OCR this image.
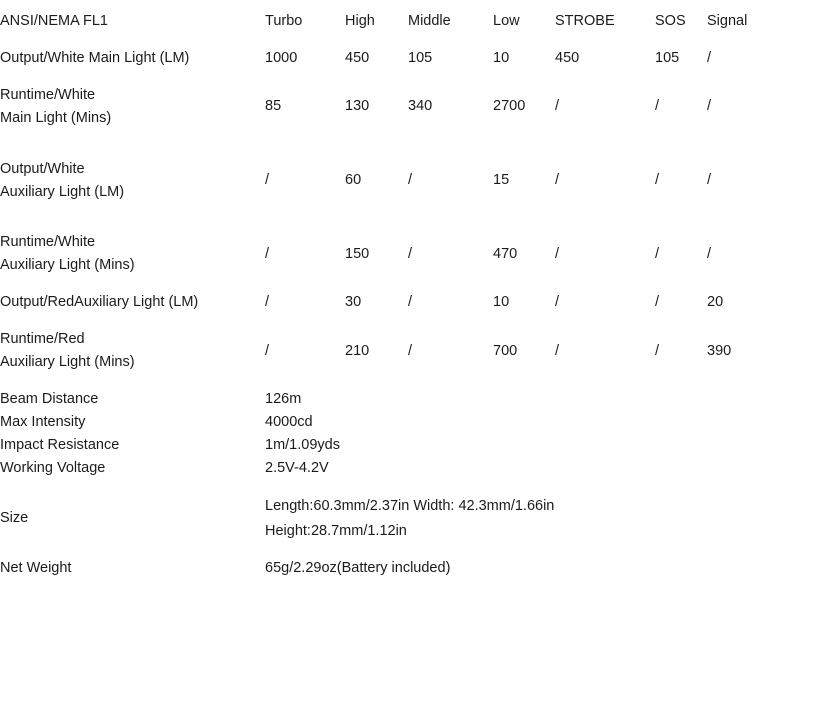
ANSI/NEMA FL1	Turbo	High	Middle	Low	STROBE	SOS	Signal

Output/White Main Light (LM)	1000	450	105	10	450	105	/

Runtime/White
Main Light (Mins)	85	130	340	2700	/	/	/

Output/White
Auxiliary Light (LM)	/	60	/	15	/	/	/

Runtime/White
Auxiliary Light (Mins)	/	150	/	470	/	/	/

Output/RedAuxiliary Light (LM)	/	30	/	10	/	/	20

Runtime/Red
Auxiliary Light (Mins)	/	210	/	700	/	/	390
Beam Distance	126m						
Max Intensity	4000cd						
Impact Resistance	1m/1.09yds						
Working Voltage	2.5V-4.2V						
Size	Length:60.3mm/2.37in Width: 42.3mm/1.66in
Height:28.7mm/1.12in						

Net Weight	65g/2.29oz(Battery included)						
